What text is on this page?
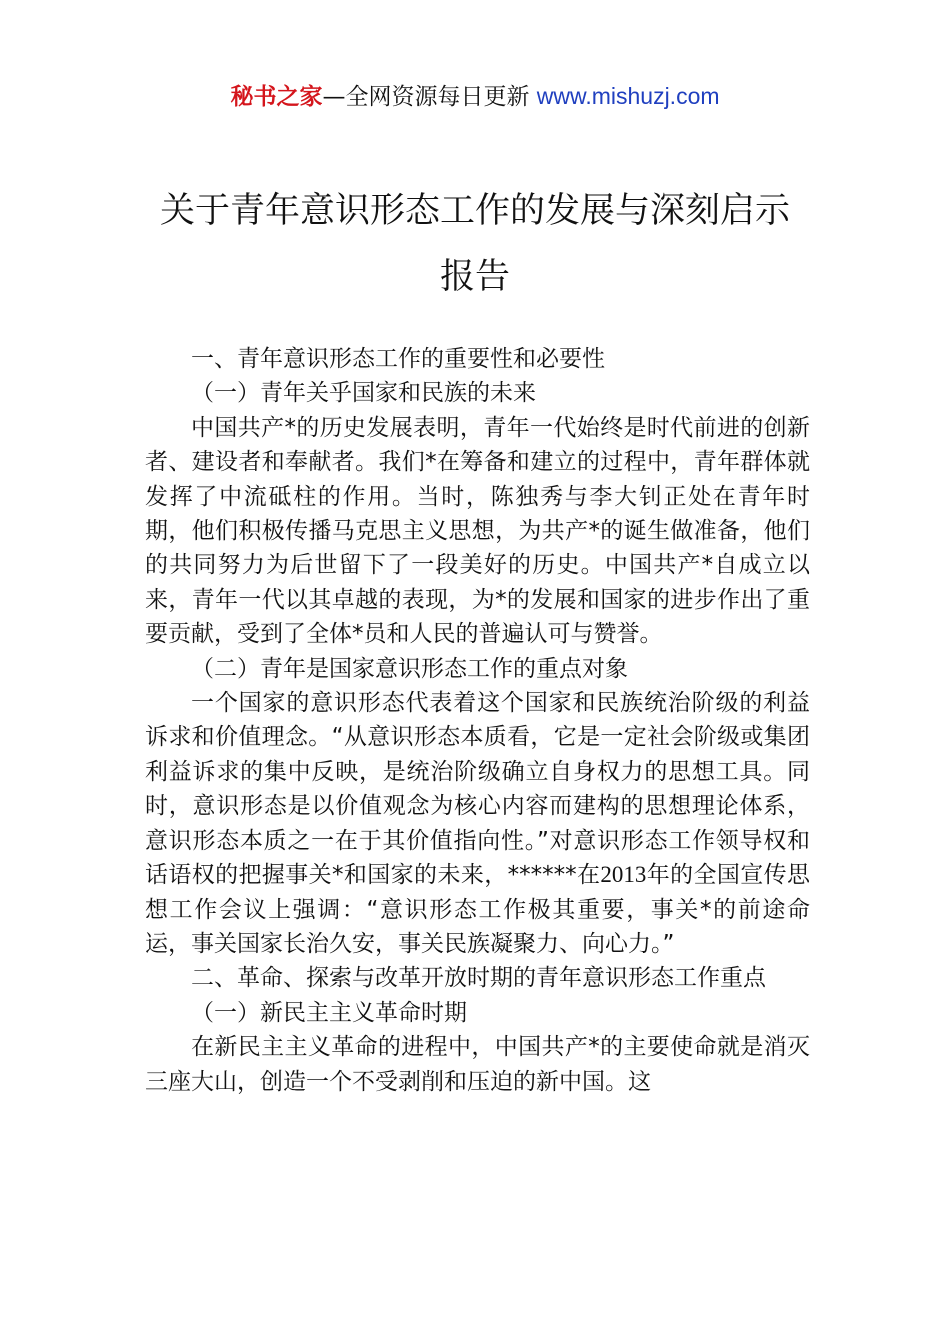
秘书之家—全网资源每日更新 www.mishuzj.com
关于青年意识形态工作的发展与深刻启示
报告

一、青年意识形态工作的重要性和必要性

（一）青年关乎国家和民族的未来

中国共产*的历史发展表明，青年一代始终是时代前进的创新者、建设者和奉献者。我们*在筹备和建立的过程中，青年群体就发挥了中流砥柱的作用。当时，陈独秀与李大钊正处在青年时期，他们积极传播马克思主义思想，为共产*的诞生做准备，他们的共同努力为后世留下了一段美好的历史。中国共产*自成立以来，青年一代以其卓越的表现，为*的发展和国家的进步作出了重要贡献，受到了全体*员和人民的普遍认可与赞誉。

（二）青年是国家意识形态工作的重点对象

一个国家的意识形态代表着这个国家和民族统治阶级的利益诉求和价值理念。“从意识形态本质看，它是一定社会阶级或集团利益诉求的集中反映，是统治阶级确立自身权力的思想工具。同时，意识形态是以价值观念为核心内容而建构的思想理论体系，意识形态本质之一在于其价值指向性。”对意识形态工作领导权和话语权的把握事关*和国家的未来，******在2013年的全国宣传思想工作会议上强调：“意识形态工作极其重要，事关*的前途命运，事关国家长治久安，事关民族凝聚力、向心力。”

二、革命、探索与改革开放时期的青年意识形态工作重点

（一）新民主主义革命时期

在新民主主义革命的进程中，中国共产*的主要使命就是消灭三座大山，创造一个不受剥削和压迫的新中国。这
